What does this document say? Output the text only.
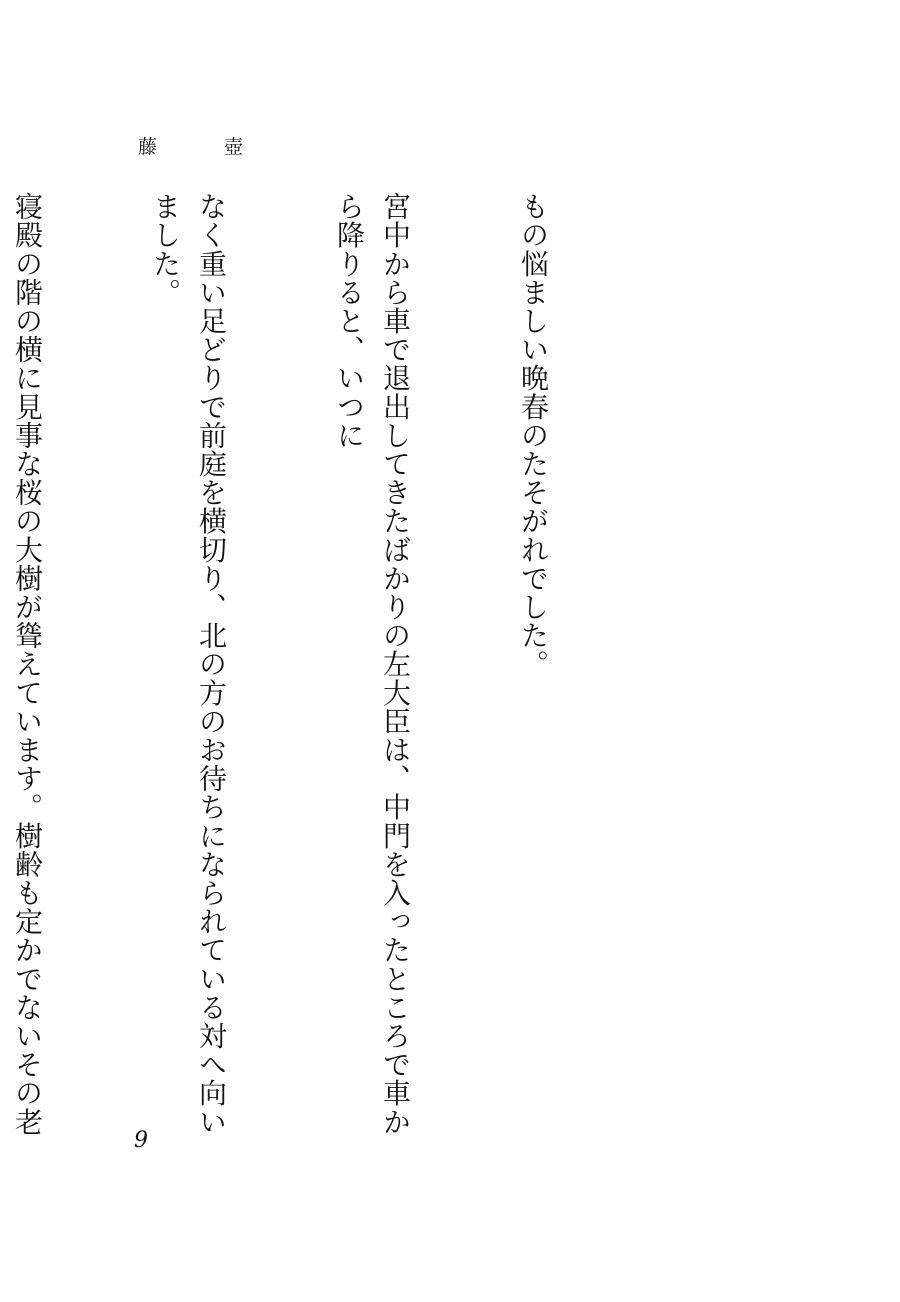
藤　壺

もの悩ましい晩春のたそがれでした。

宮中から車で退出してきたばかりの左大臣は、中門を入ったところで車から降りると、いつに

なく重い足どりで前庭を横切り、北の方のお待ちになられている対へ向いました。

寝殿の階の横に見事な桜の大樹が聳えています。樹齢も定かでないその老

9
